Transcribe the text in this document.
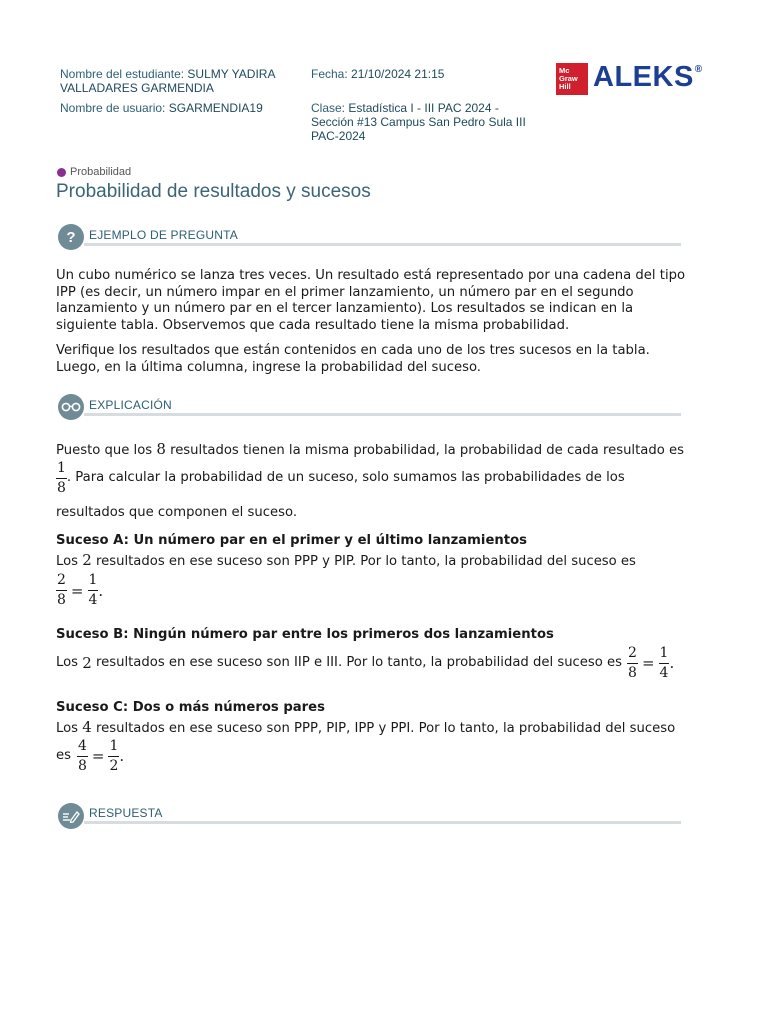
Nombre del estudiante: SULMY YADIRA
VALLADARES GARMENDIA
Nombre de usuario: SGARMENDIA19
Fecha: 21/10/2024 21:15
Clase: Estadística I - III PAC 2024 -
Sección #13 Campus San Pedro Sula III
PAC-2024
Mc
Graw
Hill ALEKS®
Probabilidad
Probabilidad de resultados y sucesos
? EJEMPLO DE PREGUNTA
Un cubo numérico se lanza tres veces. Un resultado está representado por una cadena del tipo
IPP (es decir, un número impar en el primer lanzamiento, un número par en el segundo
lanzamiento y un número par en el tercer lanzamiento). Los resultados se indican en la
siguiente tabla. Observemos que cada resultado tiene la misma probabilidad.
Verifique los resultados que están contenidos en cada uno de los tres sucesos en la tabla.
Luego, en la última columna, ingrese la probabilidad del suceso.
EXPLICACIÓN
Puesto que los 8 resultados tienen la misma probabilidad, la probabilidad de cada resultado es
$\frac{1}{8}$ . Para calcular la probabilidad de un suceso, solo sumamos las probabilidades de los
resultados que componen el suceso.
Suceso A: Un número par en el primer y el último lanzamientos
Los 2 resultados en ese suceso son PPP y PIP. Por lo tanto, la probabilidad del suceso es
$\frac{2}{8} = \frac{1}{4}$ .
Suceso B: Ningún número par entre los primeros dos lanzamientos
Los 2 resultados en ese suceso son IIP e III. Por lo tanto, la probabilidad del suceso es $\frac{2}{8} = \frac{1}{4}$ .
Suceso C: Dos o más números pares
Los 4 resultados en ese suceso son PPP, PIP, IPP y PPI. Por lo tanto, la probabilidad del suceso
es $\frac{4}{8} = \frac{1}{2}$ .
RESPUESTA
